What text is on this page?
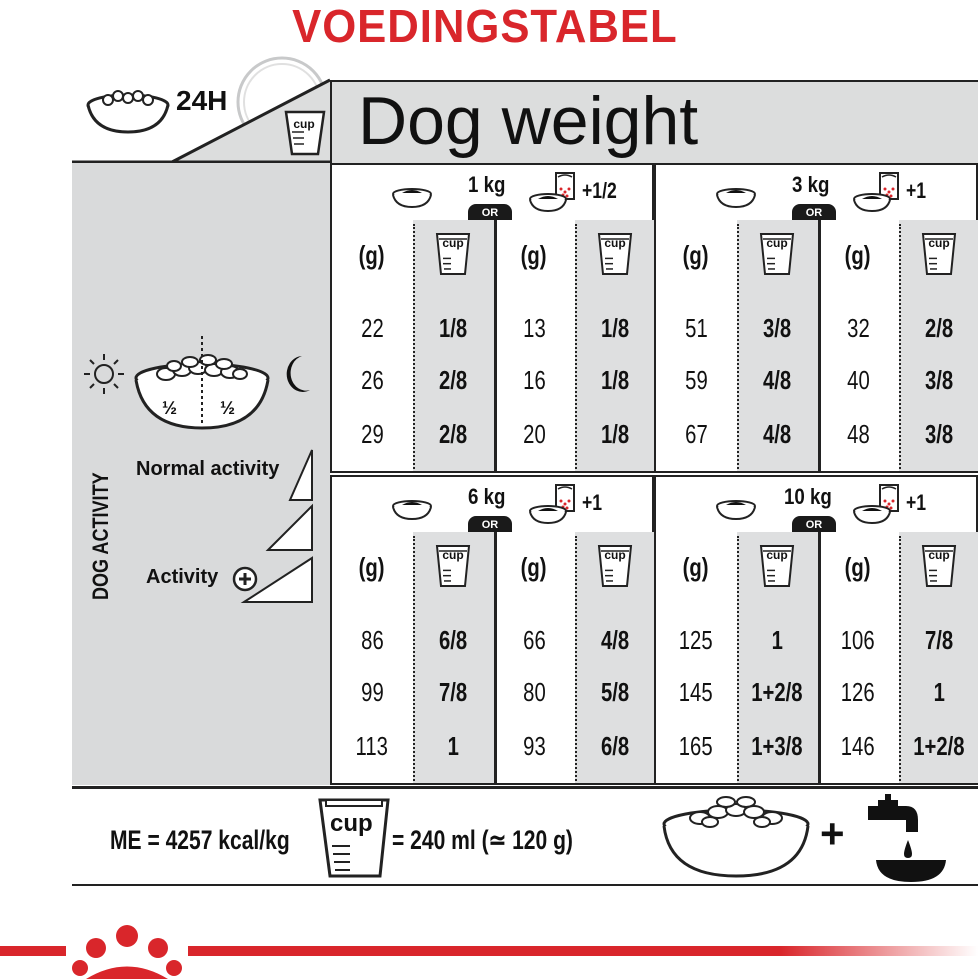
VOEDINGSTABEL
24H
cup Dog weight
½ ½
Normal activity
Activity
DOG ACTIVITY
1 kg
OR
+1/2
(g)	cup	(g)	cup
22	1/8	13	1/8
26	2/8	16	1/8
29	2/8	20	1/8
3 kg
OR
+1
(g)	cup	(g)	cup
51	3/8	32	2/8
59	4/8	40	3/8
67	4/8	48	3/8
6 kg
OR
+1
(g)	cup	(g)	cup
86	6/8	66	4/8
99	7/8	80	5/8
113	1	93	6/8
10 kg
OR
+1
(g)	cup	(g)	cup
125	1	106	7/8
145	1+2/8	126	1
165	1+3/8	146	1+2/8
ME = 4257 kcal/kg
cup
= 240 ml (≃ 120 g)	+
